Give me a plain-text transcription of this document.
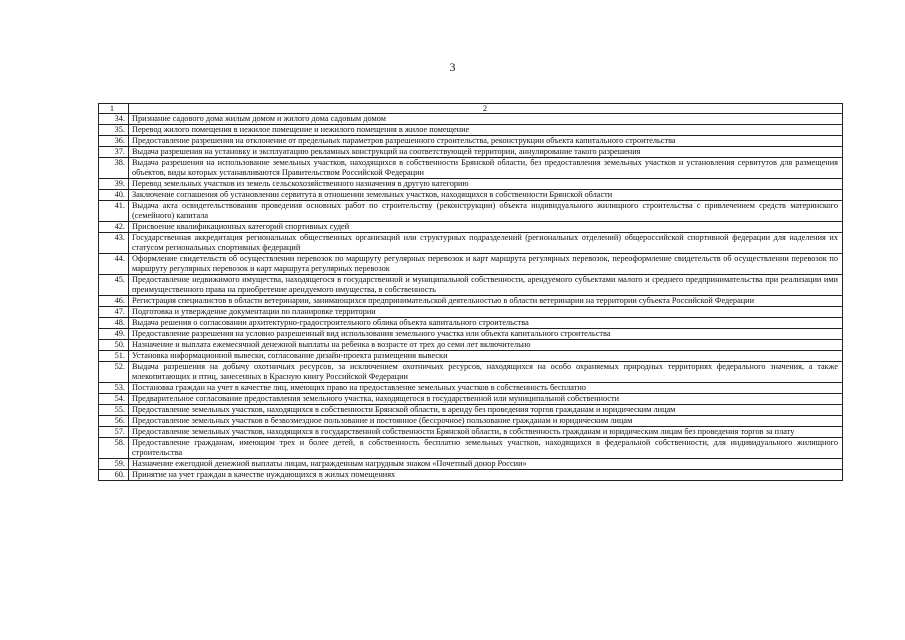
3
1	2
34.	Признание садового дома жилым домом и жилого дома садовым домом
35.	Перевод жилого помещения в нежилое помещение и нежилого помещения в жилое помещение
36.	Предоставление разрешения на отклонение от предельных параметров разрешенного строительства, реконструкции объекта капитального строительства
37.	Выдача разрешения на установку и эксплуатацию рекламных конструкций на соответствующей территории, аннулирование такого разрешения
38.	Выдача разрешения на использование земельных участков, находящихся в собственности Брянской области, без предоставления земельных участков и установления сервитутов для размещения объектов, виды которых устанавливаются Правительством Российской Федерации
39.	Перевод земельных участков из земель сельскохозяйственного назначения в другую категорию
40.	Заключение соглашения об установлении сервитута в отношении земельных участков, находящихся в собственности Брянской области
41.	Выдача акта освидетельствования проведения основных работ по строительству (реконструкции) объекта индивидуального жилищного строительства с привлечением средств материнского (семейного) капитала
42.	Присвоение квалификационных категорий спортивных судей
43.	Государственная аккредитация региональных общественных организаций или структурных подразделений (региональных отделений) общероссийской спортивной федерации для наделения их статусом региональных спортивных федераций
44.	Оформление свидетельств об осуществлении перевозок по маршруту регулярных перевозок и карт маршрута регулярных перевозок, переоформление свидетельств об осуществлении перевозок по маршруту регулярных перевозок и карт маршрута регулярных перевозок
45.	Предоставление недвижимого имущества, находящегося в государственной и муниципальной собственности, арендуемого субъектами малого и среднего предпринимательства при реализации ими преимущественного права на приобретение арендуемого имущества, в собственность
46.	Регистрация специалистов в области ветеринарии, занимающихся предпринимательской деятельностью в области ветеринарии на территории субъекта Российской Федерации
47.	Подготовка и утверждение документации по планировке территории
48.	Выдача решения о согласовании архитектурно-градостроительного облика объекта капитального строительства
49.	Предоставление разрешения на условно разрешенный вид использования земельного участка или объекта капитального строительства
50.	Назначение и выплата ежемесячной денежной выплаты на ребенка в возрасте от трех до семи лет включительно
51.	Установка информационной вывески, согласование дизайн-проекта размещения вывески
52.	Выдача разрешения на добычу охотничьих ресурсов, за исключением охотничьих ресурсов, находящихся на особо охраняемых природных территориях федерального значения, а также млекопитающих и птиц, занесенных в Красную книгу Российской Федерации
53.	Постановка граждан на учет в качестве лиц, имеющих право на предоставление земельных участков в собственность бесплатно
54.	Предварительное согласование предоставления земельного участка, находящегося в государственной или муниципальной собственности
55.	Предоставление земельных участков, находящихся в собственности Брянской области, в аренду без проведения торгов гражданам и юридическим лицам
56.	Предоставление земельных участков в безвозмездное пользование и постоянное (бессрочное) пользование гражданам и юридическим лицам
57.	Предоставление земельных участков, находящихся в государственной собственности Брянской области, в собственность гражданам и юридическим лицам без проведения торгов за плату
58.	Предоставление гражданам, имеющим трех и более детей, в собственность бесплатно земельных участков, находящихся в федеральной собственности, для индивидуального жилищного строительства
59.	Назначение ежегодной денежной выплаты лицам, награжденным нагрудным знаком «Почетный донор России»
60.	Принятие на учет граждан в качестве нуждающихся в жилых помещениях
